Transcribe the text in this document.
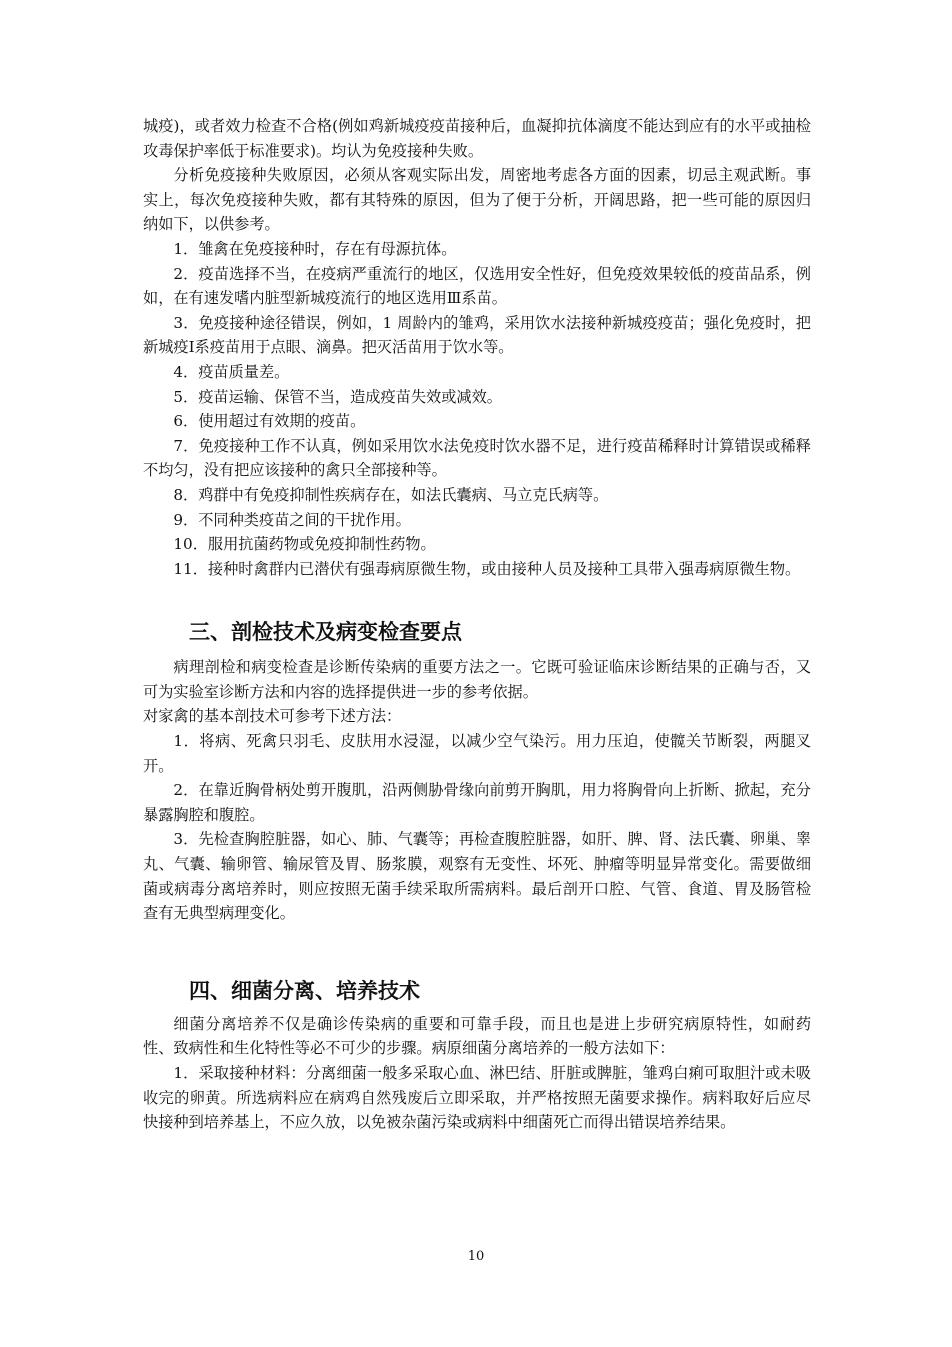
城疫)，或者效力检查不合格(例如鸡新城疫疫苗接种后，血凝抑抗体滴度不能达到应有的水平或抽检攻毒保护率低于标准要求)。均认为免疫接种失败。

分析免疫接种失败原因，必须从客观实际出发，周密地考虑各方面的因素，切忌主观武断。事实上，每次免疫接种失败，都有其特殊的原因，但为了便于分析，开阔思路，把一些可能的原因归纳如下，以供参考。

1．雏禽在免疫接种时，存在有母源抗体。

2．疫苗选择不当，在疫病严重流行的地区，仅选用安全性好，但免疫效果较低的疫苗品系，例如，在有速发嗜内脏型新城疫流行的地区选用Ⅲ系苗。

3．免疫接种途径错误，例如，1 周龄内的雏鸡，采用饮水法接种新城疫疫苗；强化免疫时，把新城疫Ⅰ系疫苗用于点眼、滴鼻。把灭活苗用于饮水等。

4．疫苗质量差。

5．疫苗运输、保管不当，造成疫苗失效或减效。

6．使用超过有效期的疫苗。

7．免疫接种工作不认真，例如采用饮水法免疫时饮水器不足，进行疫苗稀释时计算错误或稀释不均匀，没有把应该接种的禽只全部接种等。

8．鸡群中有免疫抑制性疾病存在，如法氏囊病、马立克氏病等。

9．不同种类疫苗之间的干扰作用。

10．服用抗菌药物或免疫抑制性药物。

11．接种时禽群内已潜伏有强毒病原微生物，或由接种人员及接种工具带入强毒病原微生物。

三、剖检技术及病变检查要点

病理剖检和病变检查是诊断传染病的重要方法之一。它既可验证临床诊断结果的正确与否，又可为实验室诊断方法和内容的选择提供进一步的参考依据。

对家禽的基本剖技术可参考下述方法：

1．将病、死禽只羽毛、皮肤用水浸湿，以减少空气染污。用力压迫，使髋关节断裂，两腿叉开。

2．在靠近胸骨柄处剪开腹肌，沿两侧胁骨缘向前剪开胸肌，用力将胸骨向上折断、掀起，充分暴露胸腔和腹腔。

3．先检查胸腔脏器，如心、肺、气囊等；再检查腹腔脏器，如肝、脾、肾、法氏囊、卵巢、睾丸、气囊、输卵管、输尿管及胃、肠浆膜，观察有无变性、坏死、肿瘤等明显异常变化。需要做细菌或病毒分离培养时，则应按照无菌手续采取所需病料。最后剖开口腔、气管、食道、胃及肠管检查有无典型病理变化。

四、细菌分离、培养技术

细菌分离培养不仅是确诊传染病的重要和可靠手段，而且也是进上步研究病原特性，如耐药性、致病性和生化特性等必不可少的步骤。病原细菌分离培养的一般方法如下：

1．采取接种材料：分离细菌一般多采取心血、淋巴结、肝脏或脾脏，雏鸡白痢可取胆汁或未吸收完的卵黄。所选病料应在病鸡自然残废后立即采取，并严格按照无菌要求操作。病料取好后应尽快接种到培养基上，不应久放，以免被杂菌污染或病料中细菌死亡而得出错误培养结果。

10
